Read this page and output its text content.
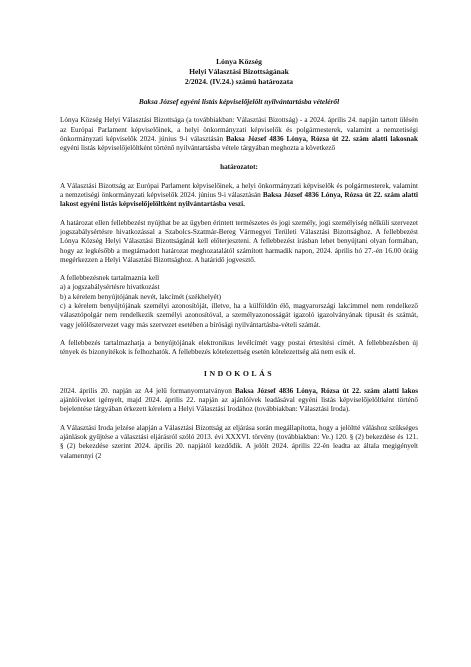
Lónya Község
Helyi Választási Bizottságának
2/2024. (IV.24.) számú határozata
Baksa József egyéni listás képviselőjelölt nyilvántartásba vételéről

Lónya Község Helyi Választási Bizottsága (a továbbiakban: Választási Bizottság) - a 2024. április 24. napján tartott ülésén az Európai Parlament képviselőinek, a helyi önkormányzati képviselők és polgármesterek, valamint a nemzetiségi önkormányzati képviselők 2024. június 9-i választásán Baksa József 4836 Lónya, Rózsa út 22. szám alatti lakosnak egyéni listás képviselőjelöltként történő nyilvántartásba vétele tárgyában meghozta a következő

határozatot:

A Választási Bizottság az Európai Parlament képviselőinek, a helyi önkormányzati képviselők és polgármesterek, valamint a nemzetiségi önkormányzati képviselők 2024. június 9-i választásán Baksa József 4836 Lónya, Rózsa út 22. szám alatti lakost egyéni listás képviselőjelöltként nyilvántartásba veszi.

A határozat ellen fellebbezést nyújthat be az ügyben érintett természetes és jogi személy, jogi személyiség nélküli szervezet jogszabálysértésre hivatkozással a Szabolcs-Szatmár-Bereg Vármegyei Területi Választási Bizottsághoz. A fellebbezést Lónya Község Helyi Választási Bizottságánál kell előterjeszteni. A fellebbezést írásban lehet benyújtani olyan formában, hogy az legkésőbb a megtámadott határozat meghozatalától számított harmadik napon, 2024. április hó 27.-én 16.00 óráig megérkezzen a Helyi Választási Bizottsághoz. A határidő jogvesztő.

A fellebbezésnek tartalmaznia kell
a) a jogszabálysértésre hivatkozást
b) a kérelem benyújtójának nevét, lakcímét (székhelyét)
c) a kérelem benyújtójának személyi azonosítóját, illetve, ha a külföldön élő, magyarországi lakcímmel nem rendelkező választópolgár nem rendelkezik személyi azonosítóval, a személyazonosságát igazoló igazolványának típusát és számát, vagy jelölőszervezet vagy más szervezet esetében a bírósági nyilvántartásba-vételi számát.

A fellebbezés tartalmazhatja a benyújtójának elektronikus levélcímét vagy postai értesítési címét. A fellebbezésben új tények és bizonyítékok is felhozhatók. A fellebbezés kötelezettség esetén kötelezettség alá nem esik el.

INDOKOLÁS

2024. április 20. napján az A4 jelű formanyomtatványon Baksa József 4836 Lónya, Rózsa út 22. szám alatti lakos ajánlóíveket igényelt, majd 2024. április 22. napján az ajánlóívek leadásával egyéni listás képviselőjelöltként történő bejelentése tárgyában érkezett kérelem a Helyi Választási Irodához (továbbiakban: Választási Iroda).

A Választási Iroda jelzése alapján a Választási Bizottság az eljárása során megállapította, hogy a jelöltté váláshoz szükséges ajánlások gyűjtése a választási eljárásról szóló 2013. évi XXXVI. törvény (továbbiakban: Ve.) 120. § (2) bekezdése és 121. § (2) bekezdése szerint 2024. április 20. napjától kezdődik. A jelölt 2024. április 22-én leadta az általa megigényelt valamennyi (2
